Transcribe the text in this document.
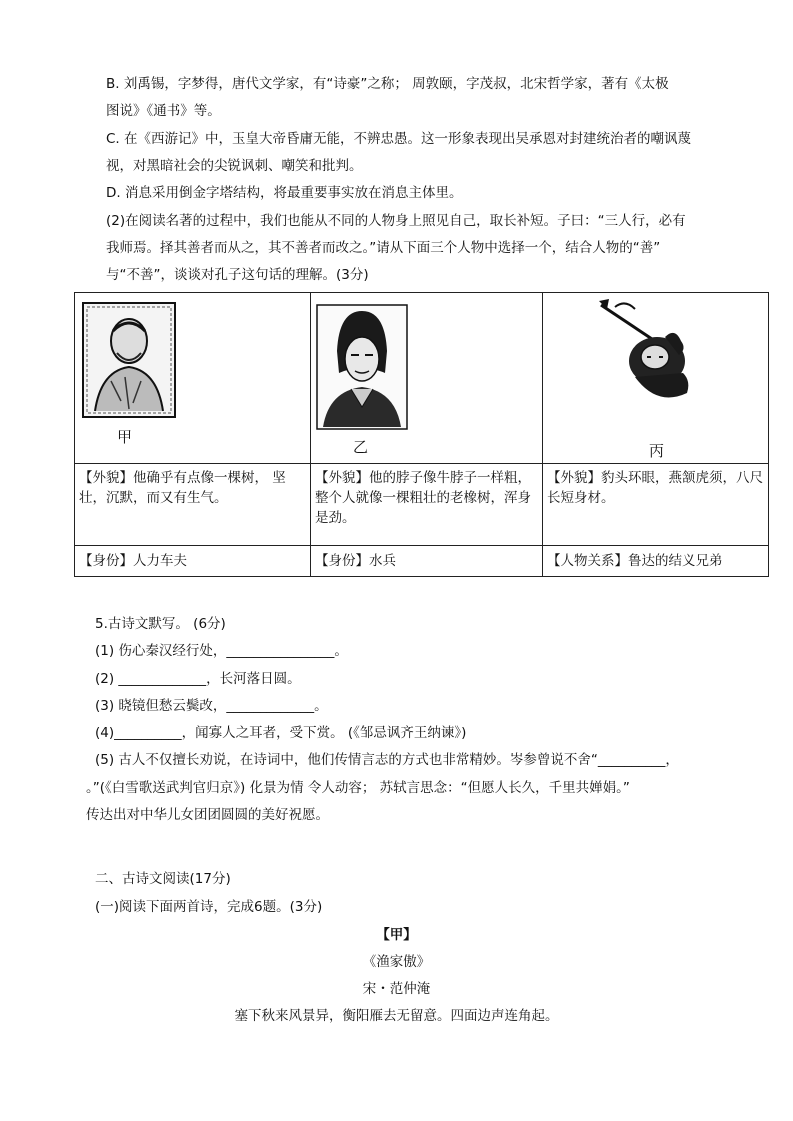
B. 刘禹锡，字梦得，唐代文学家，有“诗豪”之称； 周敦颐，字茂叔，北宋哲学家，著有《太极
图说》《通书》等。
C. 在《西游记》中，玉皇大帝昏庸无能，不辨忠愚。这一形象表现出吴承恩对封建统治者的嘲讽蔑
视，对黑暗社会的尖锐讽刺、嘲笑和批判。
D. 消息采用倒金字塔结构，将最重要事实放在消息主体里。
(2)在阅读名著的过程中，我们也能从不同的人物身上照见自己，取长补短。子曰：“三人行，必有
我师焉。择其善者而从之，其不善者而改之。”请从下面三个人物中选择一个，结合人物的“善”
与“不善”，谈谈对孔子这句话的理解。(3分)
甲	乙	丙

【外貌】他确乎有点像一棵树， 坚壮，沉默，而又有生气。	【外貌】他的脖子像牛脖子一样粗，整个人就像一棵粗壮的老橡树，浑身是劲。	【外貌】豹头环眼，燕颔虎须，八尺长短身材。
【身份】人力车夫	【身份】水兵	【人物关系】鲁达的结义兄弟
5.古诗文默写。 (6分)
(1) 伤心秦汉经行处，________________。
(2) _____________，长河落日圆。
(3) 晓镜但愁云鬓改，_____________。
(4)__________，闻寡人之耳者，受下赏。 (《邹忌讽齐王纳谏》)
(5) 古人不仅擅长劝说，在诗词中，他们传情言志的方式也非常精妙。岑参曾说不舍“__________，
。”(《白雪歌送武判官归京》) 化景为情 令人动容； 苏轼言思念：“但愿人长久，千里共婵娟。”
传达出对中华儿女团团圆圆的美好祝愿。
二、古诗文阅读(17分)
(一)阅读下面两首诗，完成6题。(3分)
【甲】
《渔家傲》
宋・范仲淹
塞下秋来风景异，衡阳雁去无留意。四面边声连角起。
